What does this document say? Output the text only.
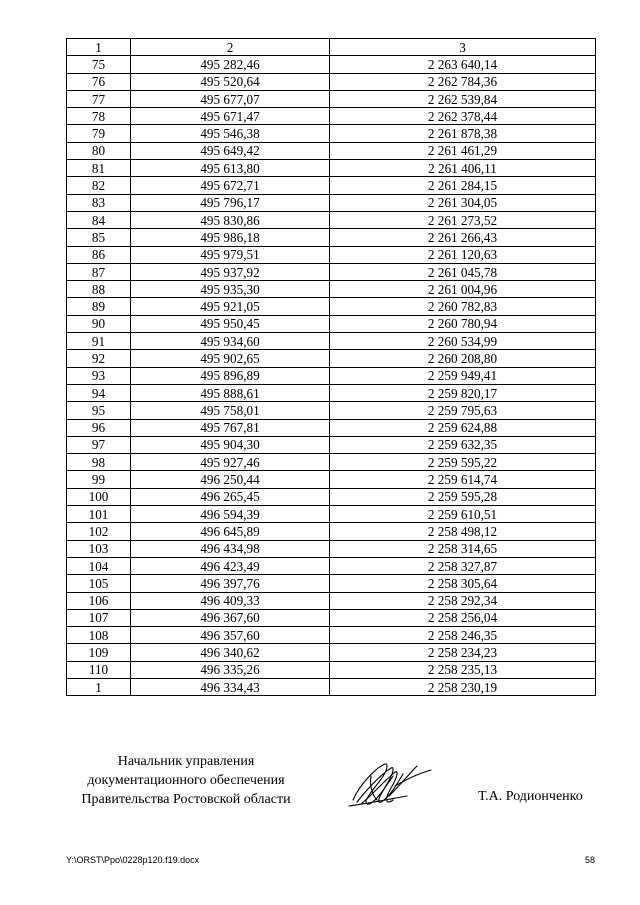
1	2	3
75	495 282,46	2 263 640,14
76	495 520,64	2 262 784,36
77	495 677,07	2 262 539,84
78	495 671,47	2 262 378,44
79	495 546,38	2 261 878,38
80	495 649,42	2 261 461,29
81	495 613,80	2 261 406,11
82	495 672,71	2 261 284,15
83	495 796,17	2 261 304,05
84	495 830,86	2 261 273,52
85	495 986,18	2 261 266,43
86	495 979,51	2 261 120,63
87	495 937,92	2 261 045,78
88	495 935,30	2 261 004,96
89	495 921,05	2 260 782,83
90	495 950,45	2 260 780,94
91	495 934,60	2 260 534,99
92	495 902,65	2 260 208,80
93	495 896,89	2 259 949,41
94	495 888,61	2 259 820,17
95	495 758,01	2 259 795,63
96	495 767,81	2 259 624,88
97	495 904,30	2 259 632,35
98	495 927,46	2 259 595,22
99	496 250,44	2 259 614,74
100	496 265,45	2 259 595,28
101	496 594,39	2 259 610,51
102	496 645,89	2 258 498,12
103	496 434,98	2 258 314,65
104	496 423,49	2 258 327,87
105	496 397,76	2 258 305,64
106	496 409,33	2 258 292,34
107	496 367,60	2 258 256,04
108	496 357,60	2 258 246,35
109	496 340,62	2 258 234,23
110	496 335,26	2 258 235,13
1	496 334,43	2 258 230,19
Начальник управления
документационного обеспечения
Правительства Ростовской области	Т.А. Родионченко
Y:\ORST\Ppo\0228p120.f19.docx	58
